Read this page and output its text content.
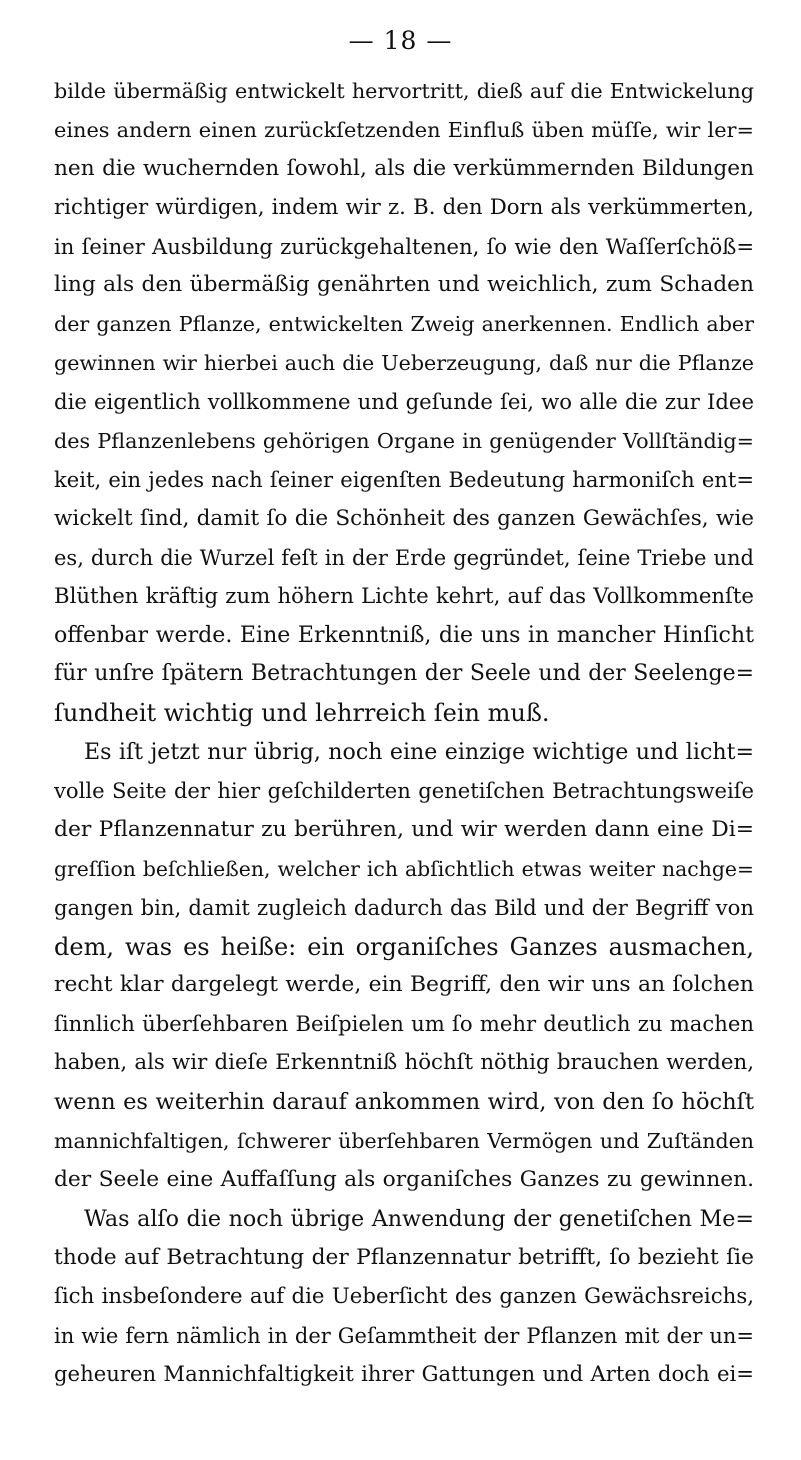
— 18 —
bilde übermäßig entwickelt hervortritt, dieß auf die Entwickelung
eines andern einen zurückſetzenden Einfluß üben müſſe, wir ler=
nen die wuchernden ſowohl, als die verkümmernden Bildungen
richtiger würdigen, indem wir z. B. den Dorn als verkümmerten,
in ſeiner Ausbildung zurückgehaltenen, ſo wie den Waſſerſchöß=
ling als den übermäßig genährten und weichlich, zum Schaden
der ganzen Pflanze, entwickelten Zweig anerkennen. Endlich aber
gewinnen wir hierbei auch die Ueberzeugung, daß nur die Pflanze
die eigentlich vollkommene und geſunde ſei, wo alle die zur Idee
des Pflanzenlebens gehörigen Organe in genügender Vollſtändig=
keit, ein jedes nach ſeiner eigenſten Bedeutung harmoniſch ent=
wickelt ſind, damit ſo die Schönheit des ganzen Gewächſes, wie
es, durch die Wurzel feſt in der Erde gegründet, ſeine Triebe und
Blüthen kräftig zum höhern Lichte kehrt, auf das Vollkommenſte
offenbar werde. Eine Erkenntniß, die uns in mancher Hinſicht
für unſre ſpätern Betrachtungen der Seele und der Seelenge=
ſundheit wichtig und lehrreich ſein muß.
Es iſt jetzt nur übrig, noch eine einzige wichtige und licht=
volle Seite der hier geſchilderten genetiſchen Betrachtungsweiſe
der Pflanzennatur zu berühren, und wir werden dann eine Di=
greſſion beſchließen, welcher ich abſichtlich etwas weiter nachge=
gangen bin, damit zugleich dadurch das Bild und der Begriff von
dem, was es heiße: ein organiſches Ganzes ausmachen,
recht klar dargelegt werde, ein Begriff, den wir uns an ſolchen
ſinnlich überſehbaren Beiſpielen um ſo mehr deutlich zu machen
haben, als wir dieſe Erkenntniß höchſt nöthig brauchen werden,
wenn es weiterhin darauf ankommen wird, von den ſo höchſt
mannichfaltigen, ſchwerer überſehbaren Vermögen und Zuſtänden
der Seele eine Auffaſſung als organiſches Ganzes zu gewinnen.
Was alſo die noch übrige Anwendung der genetiſchen Me=
thode auf Betrachtung der Pflanzennatur betrifft, ſo bezieht ſie
ſich insbeſondere auf die Ueberſicht des ganzen Gewächsreichs,
in wie fern nämlich in der Geſammtheit der Pflanzen mit der un=
geheuren Mannichfaltigkeit ihrer Gattungen und Arten doch ei=
